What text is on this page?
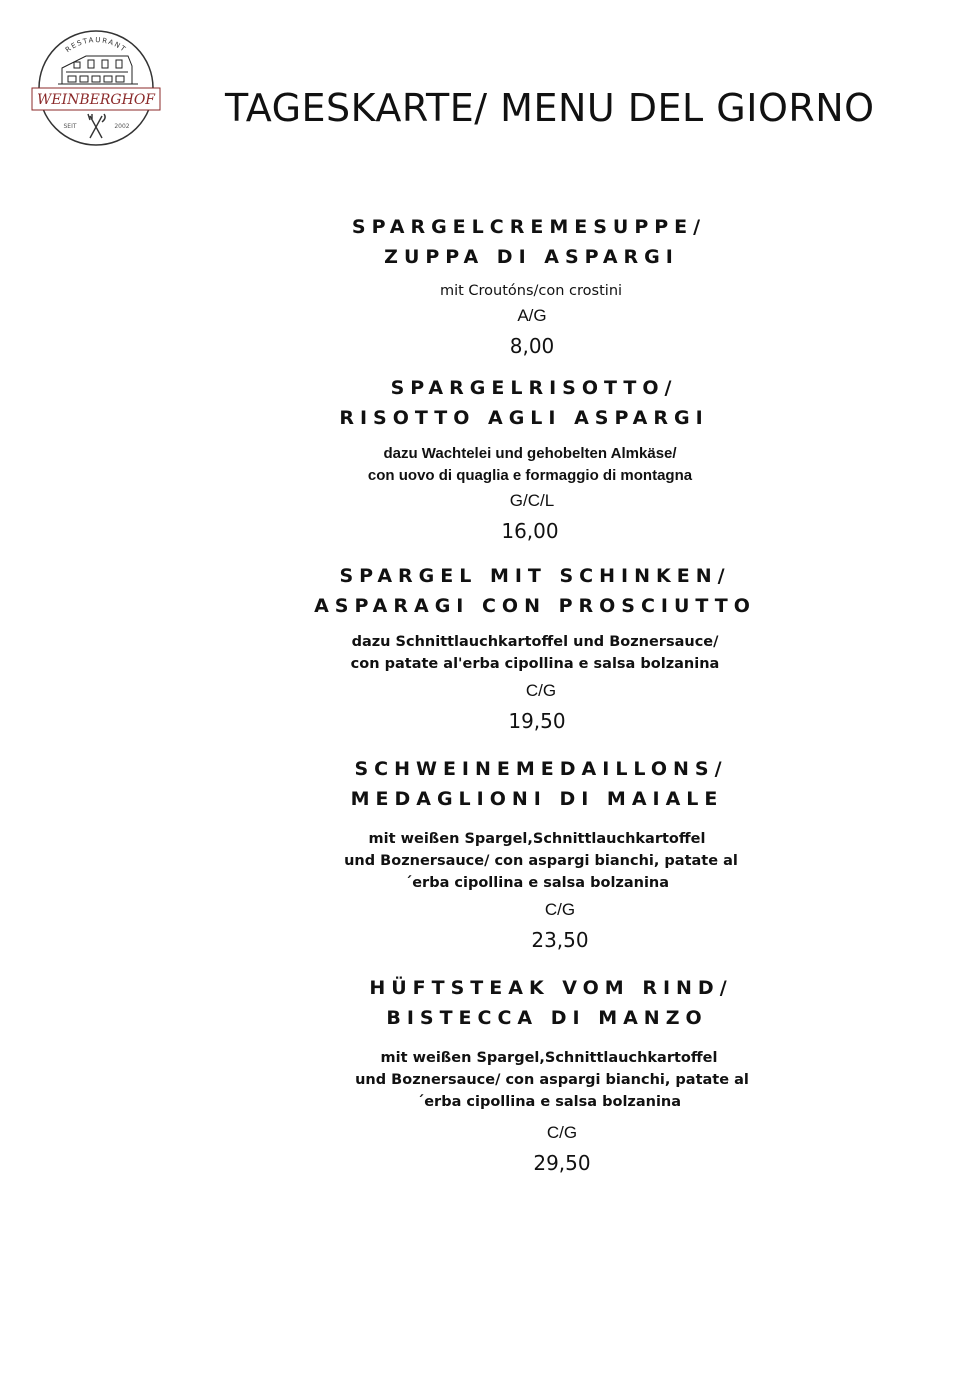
RESTAURANT
WEINBERGHOF
SEIT	2002	TAGESKARTE/ MENU DEL GIORNO
SPARGELCREMESUPPE/
ZUPPA DI ASPARGI
mit Croutóns/con crostini
A/G
8,00
SPARGELRISOTTO/
RISOTTO AGLI ASPARGI
dazu Wachtelei und gehobelten Almkäse/
con uovo di quaglia e formaggio di montagna
G/C/L
16,00
SPARGEL MIT SCHINKEN/
ASPARAGI CON PROSCIUTTO
dazu Schnittlauchkartoffel und Boznersauce/
con patate al'erba cipollina e salsa bolzanina
C/G
19,50
SCHWEINEMEDAILLONS/
MEDAGLIONI DI MAIALE
mit weißen Spargel,Schnittlauchkartoffel
und Boznersauce/ con aspargi bianchi, patate al
´erba cipollina e salsa bolzanina
C/G
23,50
HÜFTSTEAK VOM RIND/
BISTECCA DI MANZO
mit weißen Spargel,Schnittlauchkartoffel
und Boznersauce/ con aspargi bianchi, patate al
´erba cipollina e salsa bolzanina
C/G
29,50
